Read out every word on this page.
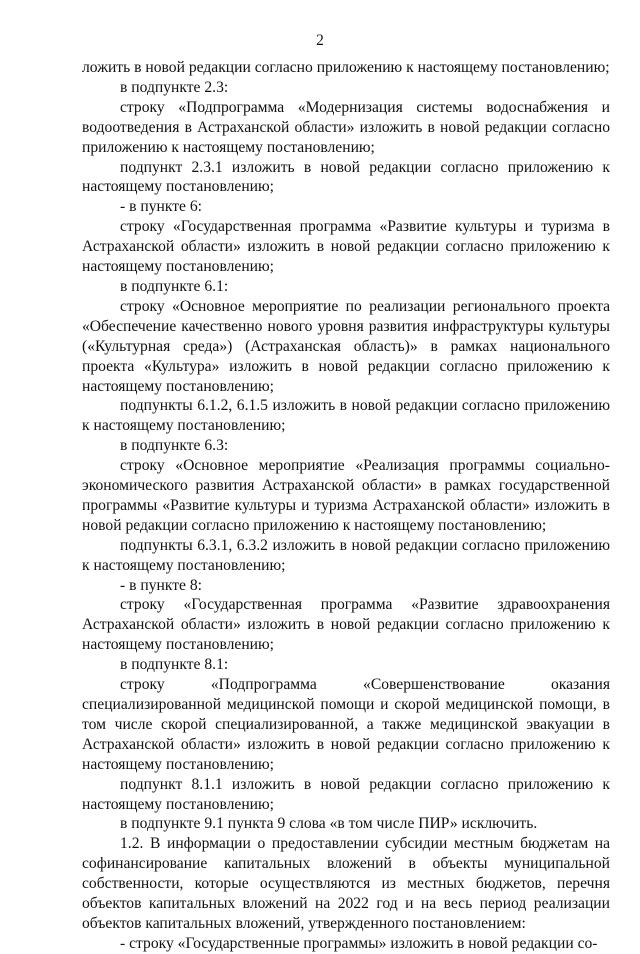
2

ложить в новой редакции согласно приложению к настоящему постановлению;

в подпункте 2.3:

строку «Подпрограмма «Модернизация системы водоснабжения и водоотведения в Астраханской области» изложить в новой редакции согласно приложению к настоящему постановлению;

подпункт 2.3.1 изложить в новой редакции согласно приложению к настоящему постановлению;

- в пункте 6:

строку «Государственная программа «Развитие культуры и туризма в Астраханской области» изложить в новой редакции согласно приложению к настоящему постановлению;

в подпункте 6.1:

строку «Основное мероприятие по реализации регионального проекта «Обеспечение качественно нового уровня развития инфраструктуры культуры («Культурная среда») (Астраханская область)» в рамках национального проекта «Культура» изложить в новой редакции согласно приложению к настоящему постановлению;

подпункты 6.1.2, 6.1.5 изложить в новой редакции согласно приложению к настоящему постановлению;

в подпункте 6.3:

строку «Основное мероприятие «Реализация программы социально-экономического развития Астраханской области» в рамках государственной программы «Развитие культуры и туризма Астраханской области» изложить в новой редакции согласно приложению к настоящему постановлению;

подпункты 6.3.1, 6.3.2 изложить в новой редакции согласно приложению к настоящему постановлению;

- в пункте 8:

строку «Государственная программа «Развитие здравоохранения Астраханской области» изложить в новой редакции согласно приложению к настоящему постановлению;

в подпункте 8.1:

строку «Подпрограмма «Совершенствование оказания специализированной медицинской помощи и скорой медицинской помощи, в том числе скорой специализированной, а также медицинской эвакуации в Астраханской области» изложить в новой редакции согласно приложению к настоящему постановлению;

подпункт 8.1.1 изложить в новой редакции согласно приложению к настоящему постановлению;

в подпункте 9.1 пункта 9 слова «в том числе ПИР» исключить.

1.2. В информации о предоставлении субсидии местным бюджетам на софинансирование капитальных вложений в объекты муниципальной собственности, которые осуществляются из местных бюджетов, перечня объектов капитальных вложений на 2022 год и на весь период реализации объектов капитальных вложений, утвержденного постановлением:

- строку «Государственные программы» изложить в новой редакции со-
